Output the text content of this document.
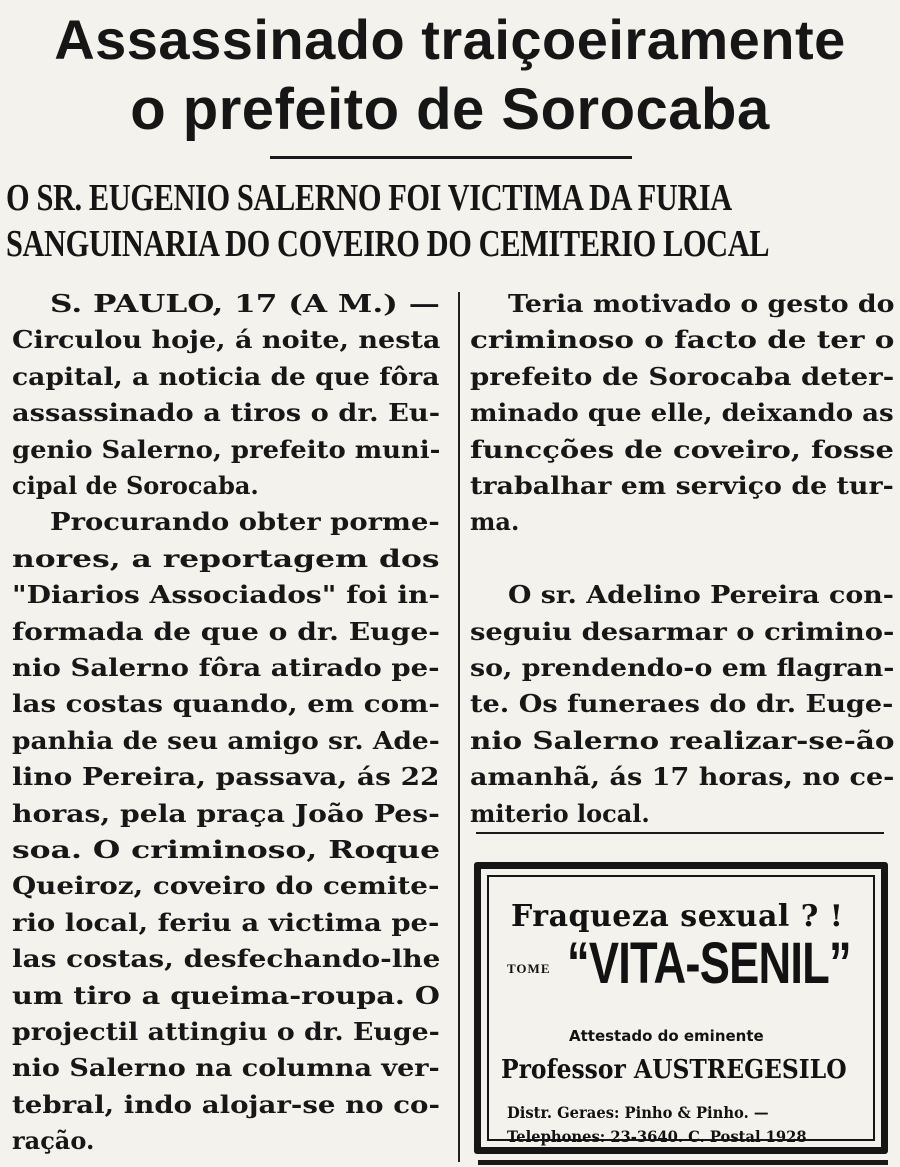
Assassinado traiçoeiramente
o prefeito de Sorocaba
O SR. EUGENIO SALERNO FOI VICTIMA DA FURIA
SANGUINARIA DO COVEIRO DO CEMITERIO LOCAL
S. PAULO, 17 (A M.) —
Circulou hoje, á noite, nesta
capital, a noticia de que fôra
assassinado a tiros o dr. Eu-
genio Salerno, prefeito muni-
cipal de Sorocaba.
Procurando obter porme-
nores, a reportagem dos
"Diarios Associados" foi in-
formada de que o dr. Euge-
nio Salerno fôra atirado pe-
las costas quando, em com-
panhia de seu amigo sr. Ade-
lino Pereira, passava, ás 22
horas, pela praça João Pes-
soa. O criminoso, Roque
Queiroz, coveiro do cemite-
rio local, feriu a victima pe-
las costas, desfechando-lhe
um tiro a queima-roupa. O
projectil attingiu o dr. Euge-
nio Salerno na columna ver-
tebral, indo alojar-se no co-
ração.
Teria motivado o gesto do
criminoso o facto de ter o
prefeito de Sorocaba deter-
minado que elle, deixando as
funcções de coveiro, fosse
trabalhar em serviço de tur-
ma.
O sr. Adelino Pereira con-
seguiu desarmar o crimino-
so, prendendo-o em flagran-
te. Os funeraes do dr. Euge-
nio Salerno realizar-se-ão
amanhã, ás 17 horas, no ce-
miterio local.
Fraqueza sexual ? !
TOME “VITA-SENIL”
Attestado do eminente
Professor AUSTREGESILO
Distr. Geraes: Pinho & Pinho. —
Telephones: 23-3640. C. Postal 1928
